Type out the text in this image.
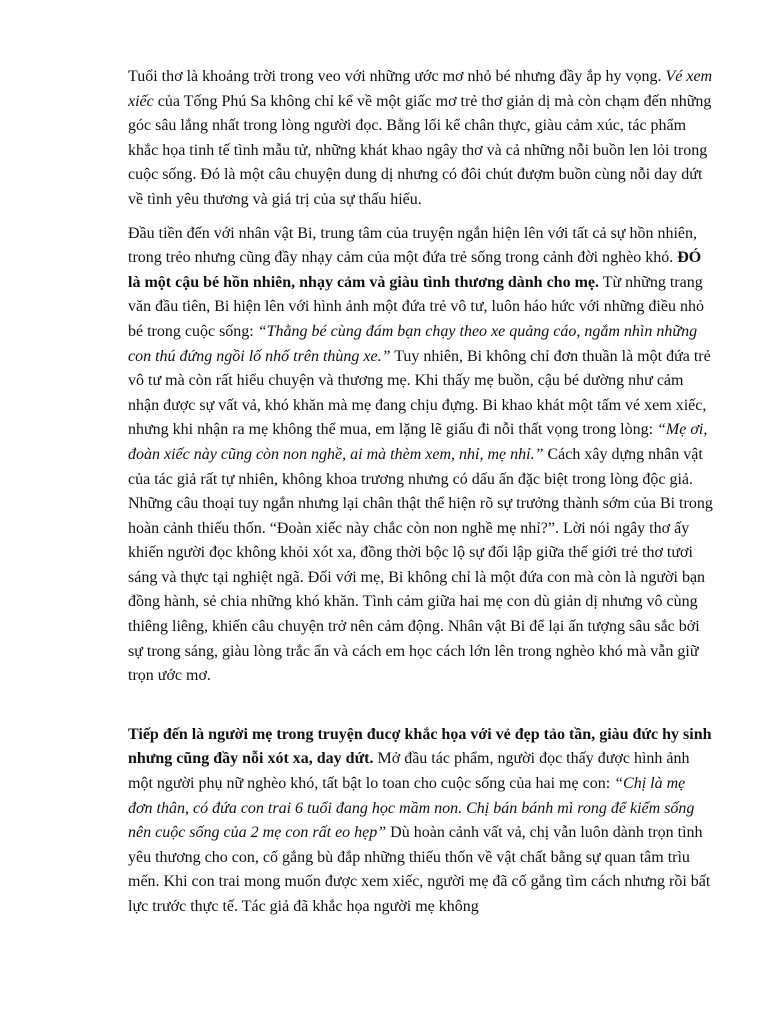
Tuổi thơ là khoảng trời trong veo với những ước mơ nhỏ bé nhưng đầy ắp hy vọng. Vé xem xiếc của Tống Phú Sa không chỉ kể về một giấc mơ trẻ thơ giản dị mà còn chạm đến những góc sâu lắng nhất trong lòng người đọc. Bằng lối kể chân thực, giàu cảm xúc, tác phẩm khắc họa tinh tế tình mẫu tử, những khát khao ngây thơ và cả những nỗi buồn len lỏi trong cuộc sống. Đó là một câu chuyện dung dị nhưng có đôi chút đượm buồn cùng nỗi day dứt về tình yêu thương và giá trị của sự thấu hiểu.

Đầu tiền đến với nhân vật Bi, trung tâm của truyện ngắn hiện lên với tất cả sự hồn nhiên, trong trẻo nhưng cũng đầy nhạy cảm của một đứa trẻ sống trong cảnh đời nghèo khó. ĐÓ là một cậu bé hồn nhiên, nhạy cảm và giàu tình thương dành cho mẹ. Từ những trang văn đầu tiên, Bi hiện lên với hình ảnh một đứa trẻ vô tư, luôn háo hức với những điều nhỏ bé trong cuộc sống: “Thằng bé cùng đám bạn chạy theo xe quảng cáo, ngắm nhìn những con thú đứng ngồi lố nhố trên thùng xe.” Tuy nhiên, Bi không chỉ đơn thuần là một đứa trẻ vô tư mà còn rất hiểu chuyện và thương mẹ. Khi thấy mẹ buồn, cậu bé dường như cảm nhận được sự vất vả, khó khăn mà mẹ đang chịu đựng. Bi khao khát một tấm vé xem xiếc, nhưng khi nhận ra mẹ không thể mua, em lặng lẽ giấu đi nỗi thất vọng trong lòng: “Mẹ ơi, đoàn xiếc này cũng còn non nghề, ai mà thèm xem, nhỉ, mẹ nhỉ.” Cách xây dựng nhân vật của tác giả rất tự nhiên, không khoa trương nhưng có dấu ấn đặc biệt trong lòng độc giả. Những câu thoại tuy ngắn nhưng lại chân thật thể hiện rõ sự trưởng thành sớm của Bi trong hoàn cảnh thiếu thốn. “Đoàn xiếc này chắc còn non nghề mẹ nhỉ?”. Lời nói ngây thơ ấy khiến người đọc không khỏi xót xa, đồng thời bộc lộ sự đối lập giữa thế giới trẻ thơ tươi sáng và thực tại nghiệt ngã. Đối với mẹ, Bi không chỉ là một đứa con mà còn là người bạn đồng hành, sẻ chia những khó khăn. Tình cảm giữa hai mẹ con dù giản dị nhưng vô cùng thiêng liêng, khiến câu chuyện trở nên cảm động. Nhân vật Bi để lại ấn tượng sâu sắc bởi sự trong sáng, giàu lòng trắc ẩn và cách em học cách lớn lên trong nghèo khó mà vẫn giữ trọn ước mơ.

Tiếp đến là người mẹ trong truyện đucợ khắc họa với vẻ đẹp tảo tần, giàu đức hy sinh nhưng cũng đầy nỗi xót xa, day dứt. Mở đầu tác phẩm, người đọc thấy được hình ảnh một người phụ nữ nghèo khó, tất bật lo toan cho cuộc sống của hai mẹ con: “Chị là mẹ đơn thân, có đứa con trai 6 tuổi đang học mầm non. Chị bán bánh mì rong để kiếm sống nên cuộc sống của 2 mẹ con rất eo hẹp” Dù hoàn cảnh vất vả, chị vẫn luôn dành trọn tình yêu thương cho con, cố gắng bù đắp những thiếu thốn về vật chất bằng sự quan tâm trìu mến. Khi con trai mong muốn được xem xiếc, người mẹ đã cố gắng tìm cách nhưng rồi bất lực trước thực tế. Tác giả đã khắc họa người mẹ không
